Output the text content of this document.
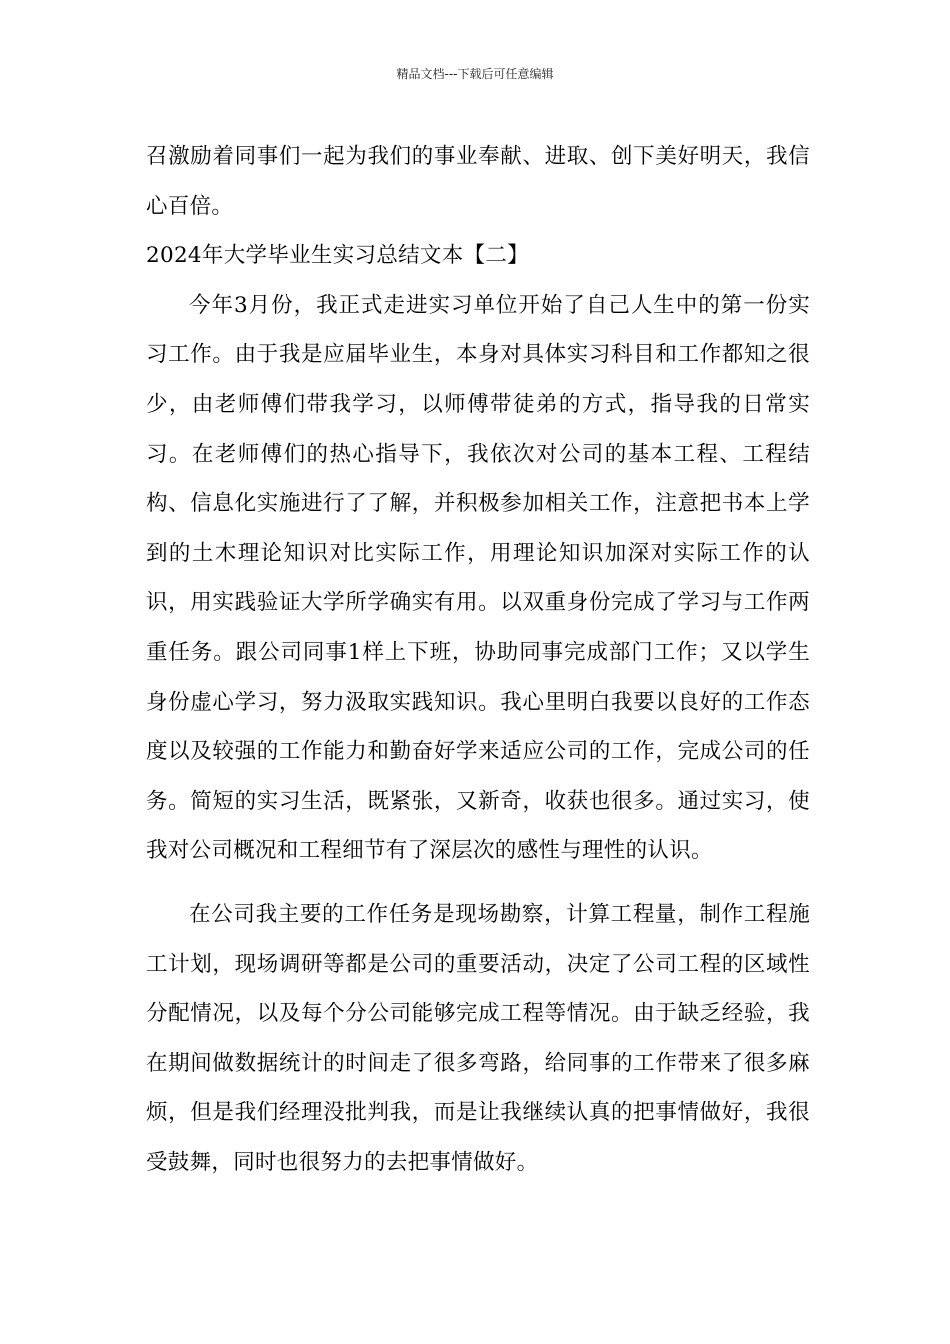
精品文档---下载后可任意编辑

召激励着同事们一起为我们的事业奉献、进取、创下美好明天，我信心百倍。

2024年大学毕业生实习总结文本【二】

今年3月份，我正式走进实习单位开始了自己人生中的第一份实习工作。由于我是应届毕业生，本身对具体实习科目和工作都知之很少，由老师傅们带我学习，以师傅带徒弟的方式，指导我的日常实习。在老师傅们的热心指导下，我依次对公司的基本工程、工程结构、信息化实施进行了了解，并积极参加相关工作，注意把书本上学到的土木理论知识对比实际工作，用理论知识加深对实际工作的认识，用实践验证大学所学确实有用。以双重身份完成了学习与工作两重任务。跟公司同事1样上下班，协助同事完成部门工作；又以学生身份虚心学习，努力汲取实践知识。我心里明白我要以良好的工作态度以及较强的工作能力和勤奋好学来适应公司的工作，完成公司的任务。简短的实习生活，既紧张，又新奇，收获也很多。通过实习，使我对公司概况和工程细节有了深层次的感性与理性的认识。

在公司我主要的工作任务是现场勘察，计算工程量，制作工程施工计划，现场调研等都是公司的重要活动，决定了公司工程的区域性分配情况，以及每个分公司能够完成工程等情况。由于缺乏经验，我在期间做数据统计的时间走了很多弯路，给同事的工作带来了很多麻烦，但是我们经理没批判我，而是让我继续认真的把事情做好，我很受鼓舞，同时也很努力的去把事情做好。
